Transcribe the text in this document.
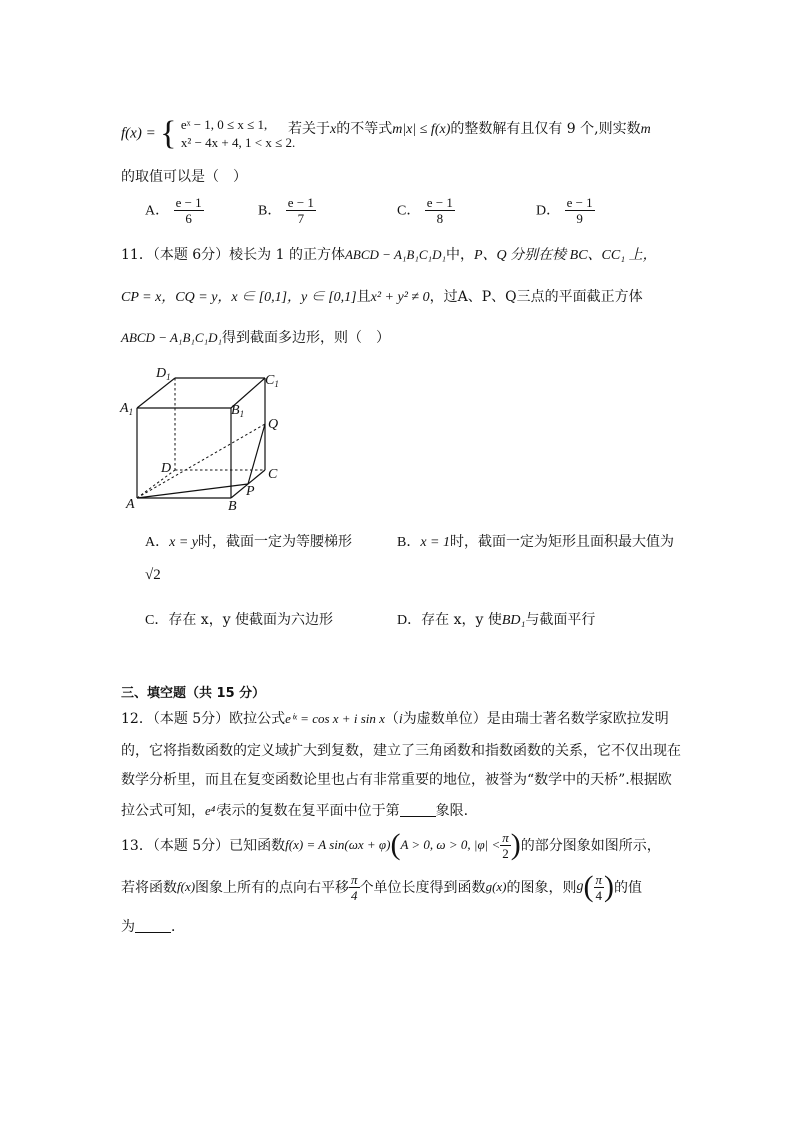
f(x) = { eˣ − 1, 0 ≤ x ≤ 1,
x² − 4x + 4, 1 < x ≤ 2.
若关于x的不等式m|x| ≤ f(x)的整数解有且仅有 9 个,则实数m
的取值可以是（　）
A． $\frac{e - 1}{6}$	B． $\frac{e - 1}{7}$	C． $\frac{e - 1}{8}$	D． $\frac{e - 1}{9}$
11．（本题 6分）棱长为 1 的正方体ABCD − A₁B₁C₁D₁中，P、Q 分别在棱 BC、CC₁ 上，
CP = x，CQ = y，x ∈ [0,1]，y ∈ [0,1]且x² + y² ≠ 0，过A、P、Q三点的平面截正方体
ABCD − A₁B₁C₁D₁得到截面多边形，则（　）
$D_1$	$C_1$
$A_1$	$B_1$
Q
D	C
P
A	B
A．x = y时，截面一定为等腰梯形	B．x = 1时，截面一定为矩形且面积最大值为
√2
C．存在 x，y 使截面为六边形	D．存在 x，y 使BD₁与截面平行
三、填空题（共 15 分）
12．（本题 5分）欧拉公式eⁱˣ = cos x + i sin x（i为虚数单位）是由瑞士著名数学家欧拉发明
的，它将指数函数的定义域扩大到复数，建立了三角函数和指数函数的关系，它不仅出现在
数学分析里，而且在复变函数论里也占有非常重要的地位，被誉为“数学中的天桥”.根据欧
拉公式可知，e⁴ⁱ表示的复数在复平面中位于第	象限.
13．（本题 5分）已知函数 f(x) = A sin(ωx + φ) ( A > 0, ω > 0, $|\varphi| < \frac{\pi}{2}$ ) 的部分图象如图所示，
若将函数 f(x) 图象上所有的点向右平移 $\frac{\pi}{4}$ 个单位长度得到函数 g(x) 的图象，则 g ( $\frac{\pi}{4}$ ) 的值
为	．
